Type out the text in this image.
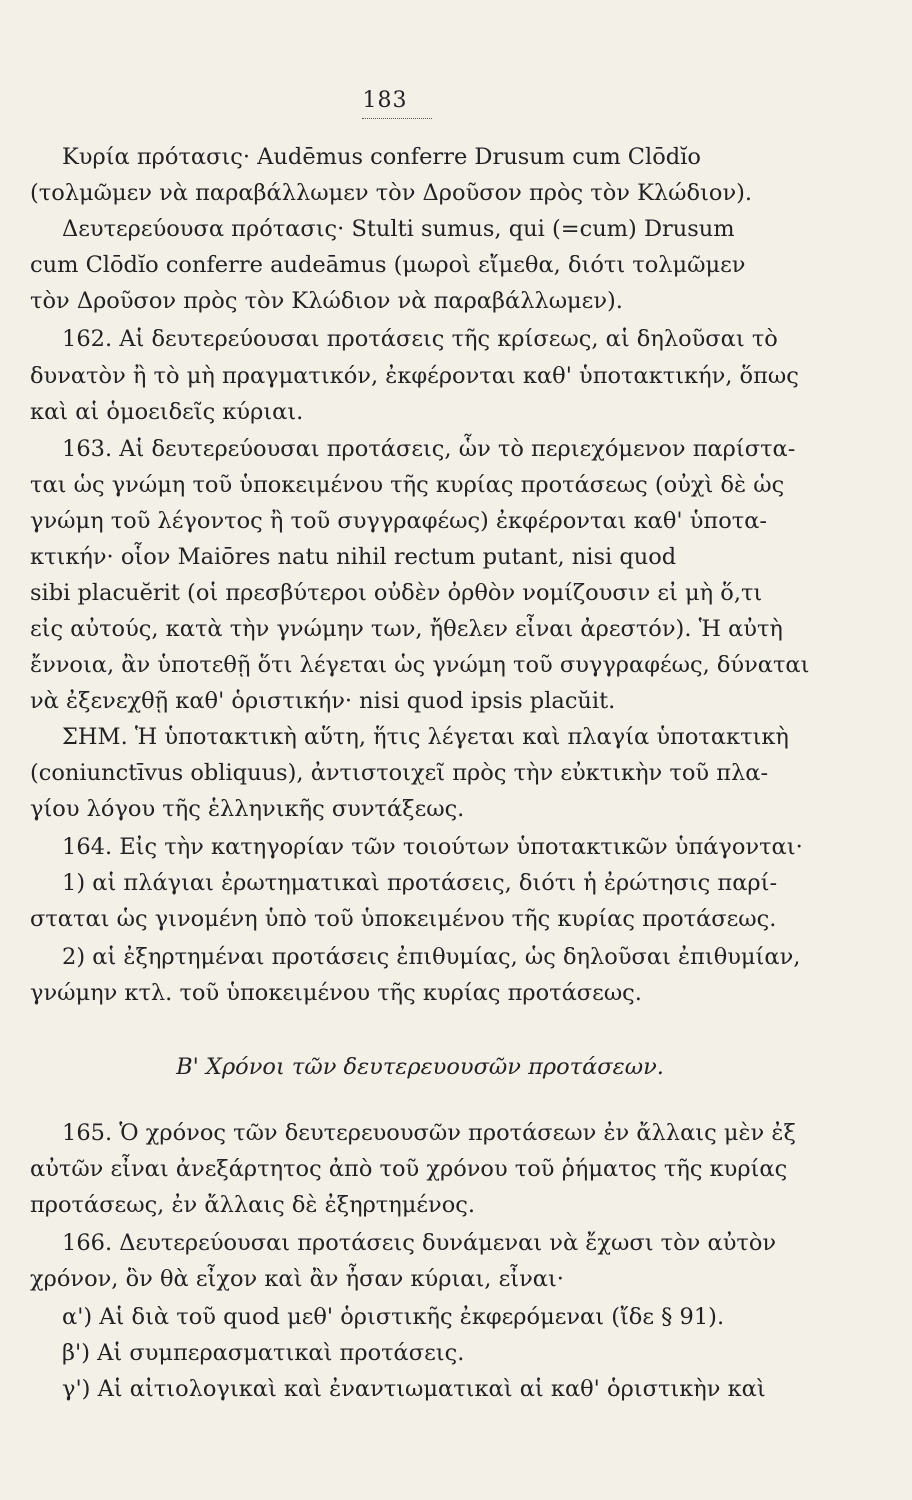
183
Κυρία πρότασις· Audēmus conferre Drusum cum Clōdĭo
(τολμῶμεν νὰ παραβάλλωμεν τὸν Δροῦσον πρὸς τὸν Κλώδιον).
Δευτερεύουσα πρότασις· Stulti sumus, qui (=cum) Drusum
cum Clōdĭo conferre audeāmus (μωροὶ εἴμεθα, διότι τολμῶμεν
τὸν Δροῦσον πρὸς τὸν Κλώδιον νὰ παραβάλλωμεν).
162. Αἱ δευτερεύουσαι προτάσεις τῆς κρίσεως, αἱ δηλοῦσαι τὸ
δυνατὸν ἢ τὸ μὴ πραγματικόν, ἐκφέρονται καθ' ὑποτακτικήν, ὅπως
καὶ αἱ ὁμοειδεῖς κύριαι.
163. Αἱ δευτερεύουσαι προτάσεις, ὧν τὸ περιεχόμενον παρίστα-
ται ὡς γνώμη τοῦ ὑποκειμένου τῆς κυρίας προτάσεως (οὐχὶ δὲ ὡς
γνώμη τοῦ λέγοντος ἢ τοῦ συγγραφέως) ἐκφέρονται καθ' ὑποτα-
κτικήν· οἷον Maiōres natu nihil rectum putant, nisi quod
sibi placuĕrit (οἱ πρεσβύτεροι οὐδὲν ὀρθὸν νομίζουσιν εἰ μὴ ὅ,τι
εἰς αὐτούς, κατὰ τὴν γνώμην των, ἤθελεν εἶναι ἀρεστόν). Ἡ αὐτὴ
ἔννοια, ἂν ὑποτεθῇ ὅτι λέγεται ὡς γνώμη τοῦ συγγραφέως, δύναται
νὰ ἐξενεχθῇ καθ' ὁριστικήν· nisi quod ipsis placŭit.
ΣΗΜ. Ἡ ὑποτακτικὴ αὕτη, ἥτις λέγεται καὶ πλαγία ὑποτακτικὴ
(coniunctīvus obliquus), ἀντιστοιχεῖ πρὸς τὴν εὐκτικὴν τοῦ πλα-
γίου λόγου τῆς ἑλληνικῆς συντάξεως.
164. Εἰς τὴν κατηγορίαν τῶν τοιούτων ὑποτακτικῶν ὑπάγονται·
1) αἱ πλάγιαι ἐρωτηματικαὶ προτάσεις, διότι ἡ ἐρώτησις παρί-
σταται ὡς γινομένη ὑπὸ τοῦ ὑποκειμένου τῆς κυρίας προτάσεως.
2) αἱ ἐξηρτημέναι προτάσεις ἐπιθυμίας, ὡς δηλοῦσαι ἐπιθυμίαν,
γνώμην κτλ. τοῦ ὑποκειμένου τῆς κυρίας προτάσεως.
Β' Χρόνοι τῶν δευτερευουσῶν προτάσεων.
165. Ὁ χρόνος τῶν δευτερευουσῶν προτάσεων ἐν ἄλλαις μὲν ἐξ
αὐτῶν εἶναι ἀνεξάρτητος ἀπὸ τοῦ χρόνου τοῦ ῥήματος τῆς κυρίας
προτάσεως, ἐν ἄλλαις δὲ ἐξηρτημένος.
166. Δευτερεύουσαι προτάσεις δυνάμεναι νὰ ἔχωσι τὸν αὐτὸν
χρόνον, ὃν θὰ εἶχον καὶ ἂν ἦσαν κύριαι, εἶναι·
α') Αἱ διὰ τοῦ quod μεθ' ὁριστικῆς ἐκφερόμεναι (ἴδε § 91).
β') Αἱ συμπερασματικαὶ προτάσεις.
γ') Αἱ αἰτιολογικαὶ καὶ ἐναντιωματικαὶ αἱ καθ' ὁριστικὴν καὶ
